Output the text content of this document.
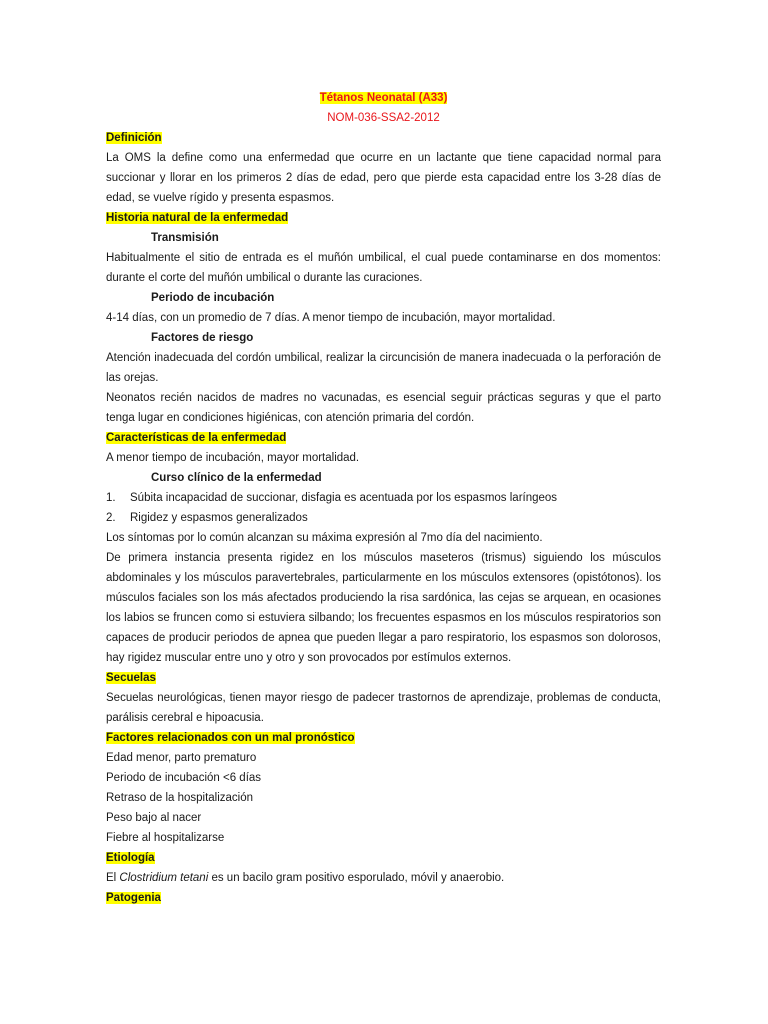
Tétanos Neonatal (A33)
NOM-036-SSA2-2012
Definición
La OMS la define como una enfermedad que ocurre en un lactante que tiene capacidad normal para succionar y llorar en los primeros 2 días de edad, pero que pierde esta capacidad entre los 3-28 días de edad, se vuelve rígido y presenta espasmos.
Historia natural de la enfermedad
Transmisión
Habitualmente el sitio de entrada es el muñón umbilical, el cual puede contaminarse en dos momentos: durante el corte del muñón umbilical o durante las curaciones.
Periodo de incubación
4-14 días, con un promedio de 7 días. A menor tiempo de incubación, mayor mortalidad.
Factores de riesgo
Atención inadecuada del cordón umbilical, realizar la circuncisión de manera inadecuada o la perforación de las orejas.
Neonatos recién nacidos de madres no vacunadas, es esencial seguir prácticas seguras y que el parto tenga lugar en condiciones higiénicas, con atención primaria del cordón.
Características de la enfermedad
A menor tiempo de incubación, mayor mortalidad.
Curso clínico de la enfermedad
1.	Súbita incapacidad de succionar, disfagia es acentuada por los espasmos laríngeos
2.	Rigidez y espasmos generalizados
Los síntomas por lo común alcanzan su máxima expresión al 7mo día del nacimiento.
De primera instancia presenta rigidez en los músculos maseteros (trismus) siguiendo los músculos abdominales y los músculos paravertebrales, particularmente en los músculos extensores (opistótonos). los músculos faciales son los más afectados produciendo la risa sardónica, las cejas se arquean, en ocasiones los labios se fruncen como si estuviera silbando; los frecuentes espasmos en los músculos respiratorios son capaces de producir periodos de apnea que pueden llegar a paro respiratorio, los espasmos son dolorosos, hay rigidez muscular entre uno y otro y son provocados por estímulos externos.
Secuelas
Secuelas neurológicas, tienen mayor riesgo de padecer trastornos de aprendizaje, problemas de conducta, parálisis cerebral e hipoacusia.
Factores relacionados con un mal pronóstico
Edad menor, parto prematuro
Periodo de incubación <6 días
Retraso de la hospitalización
Peso bajo al nacer
Fiebre al hospitalizarse
Etiología
El Clostridium tetani es un bacilo gram positivo esporulado, móvil y anaerobio.
Patogenia
